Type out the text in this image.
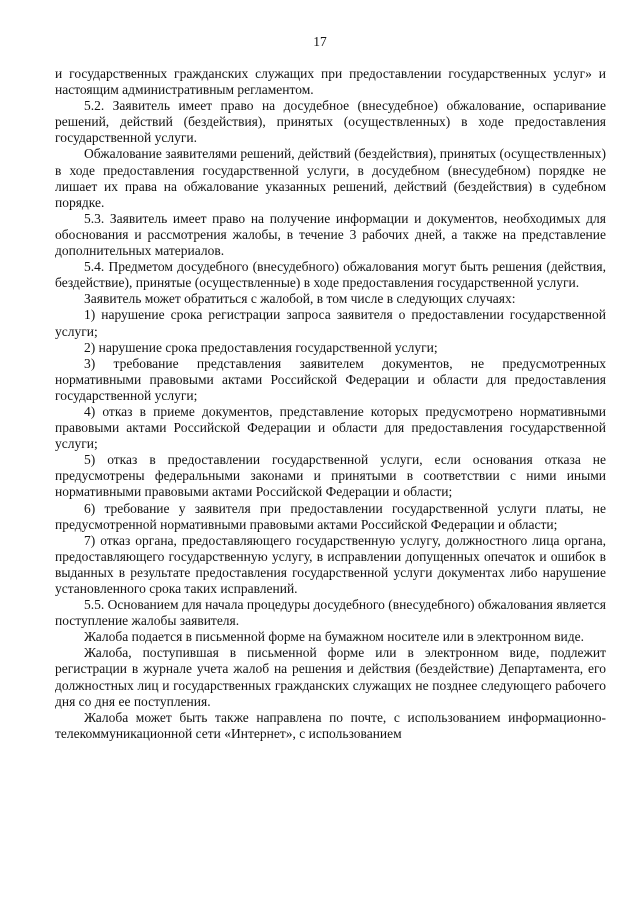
17

и государственных гражданских служащих при предоставлении государственных услуг» и настоящим административным регламентом.

5.2. Заявитель имеет право на досудебное (внесудебное) обжалование, оспаривание решений, действий (бездействия), принятых (осуществленных) в ходе предоставления государственной услуги.

Обжалование заявителями решений, действий (бездействия), принятых (осуществленных) в ходе предоставления государственной услуги, в досудебном (внесудебном) порядке не лишает их права на обжалование указанных решений, действий (бездействия) в судебном порядке.

5.3. Заявитель имеет право на получение информации и документов, необходимых для обоснования и рассмотрения жалобы, в течение 3 рабочих дней, а также на представление дополнительных материалов.

5.4. Предметом досудебного (внесудебного) обжалования могут быть решения (действия, бездействие), принятые (осуществленные) в ходе предоставления государственной услуги.

Заявитель может обратиться с жалобой, в том числе в следующих случаях:

1) нарушение срока регистрации запроса заявителя о предоставлении государственной услуги;

2) нарушение срока предоставления государственной услуги;

3) требование представления заявителем документов, не предусмотренных нормативными правовыми актами Российской Федерации и области для предоставления государственной услуги;

4) отказ в приеме документов, представление которых предусмотрено нормативными правовыми актами Российской Федерации и области для предоставления государственной услуги;

5) отказ в предоставлении государственной услуги, если основания отказа не предусмотрены федеральными законами и принятыми в соответствии с ними иными нормативными правовыми актами Российской Федерации и области;

6) требование у заявителя при предоставлении государственной услуги платы, не предусмотренной нормативными правовыми актами Российской Федерации и области;

7) отказ органа, предоставляющего государственную услугу, должностного лица органа, предоставляющего государственную услугу, в исправлении допущенных опечаток и ошибок в выданных в результате предоставления государственной услуги документах либо нарушение установленного срока таких исправлений.

5.5. Основанием для начала процедуры досудебного (внесудебного) обжалования является поступление жалобы заявителя.

Жалоба подается в письменной форме на бумажном носителе или в электронном виде.

Жалоба, поступившая в письменной форме или в электронном виде, подлежит регистрации в журнале учета жалоб на решения и действия (бездействие) Департамента, его должностных лиц и государственных гражданских служащих не позднее следующего рабочего дня со дня ее поступления.

Жалоба может быть также направлена по почте, с использованием информационно-телекоммуникационной сети «Интернет», с использованием
